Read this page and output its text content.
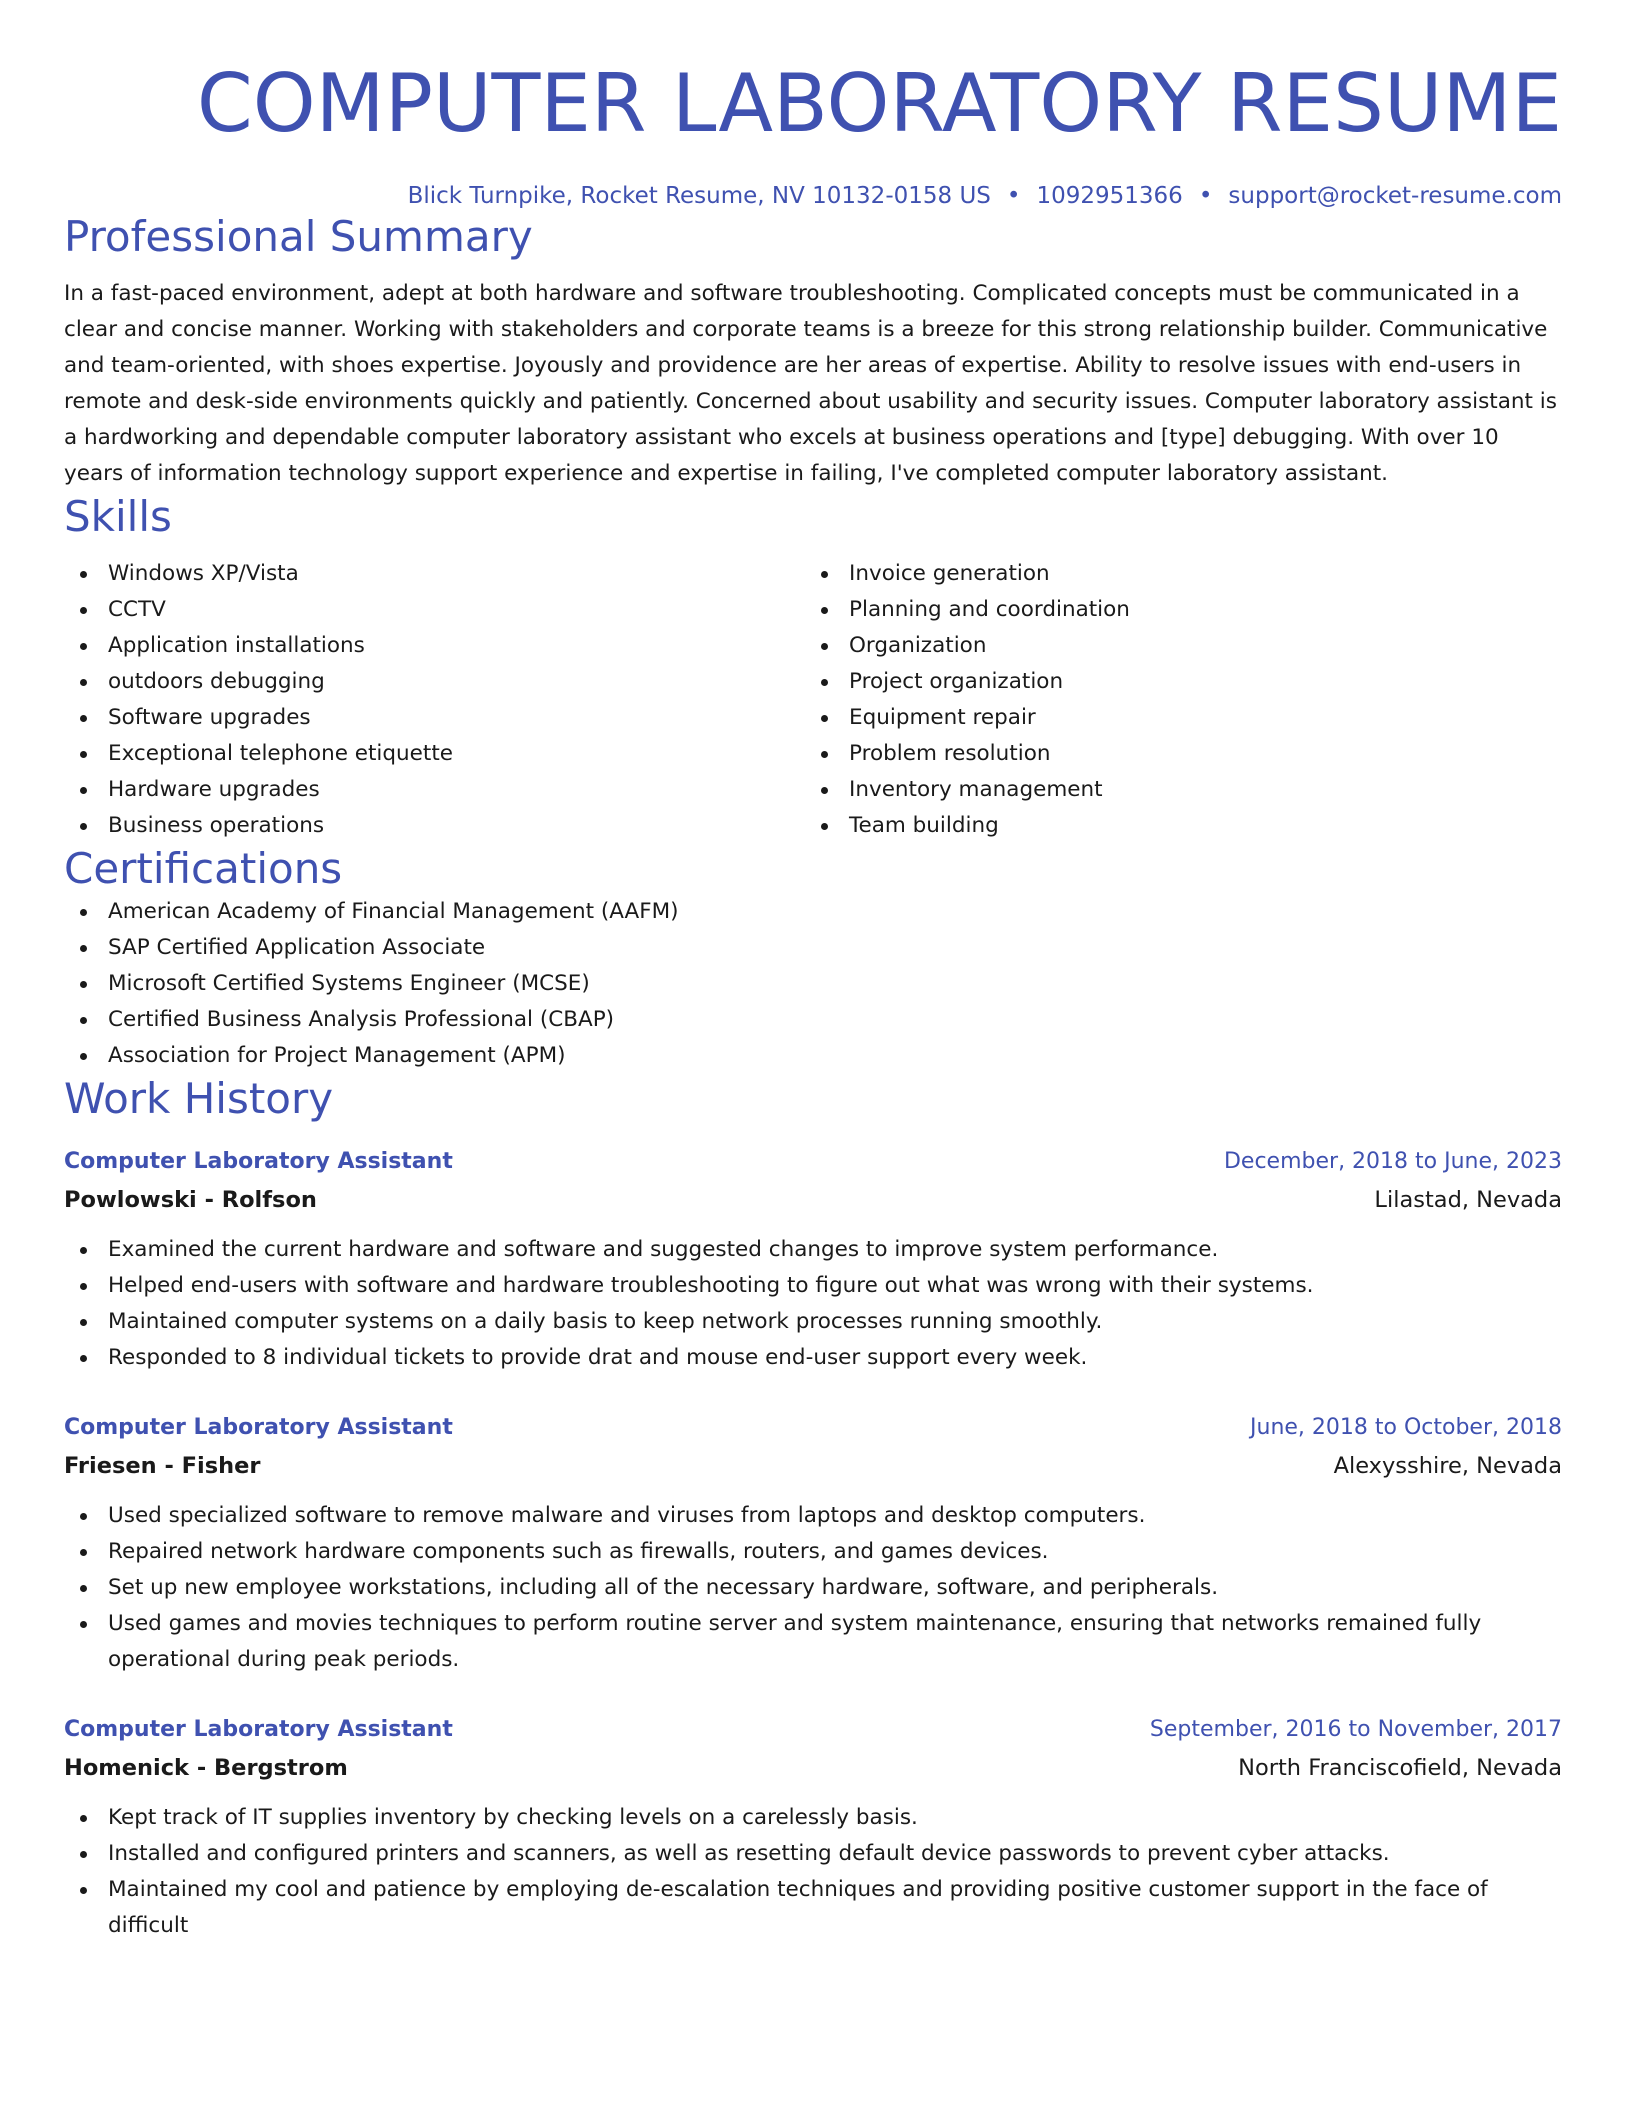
COMPUTER LABORATORY RESUME
Blick Turnpike, Rocket Resume, NV 10132-0158 US • 1092951366 • support@rocket-resume.com
Professional Summary

In a fast-paced environment, adept at both hardware and software troubleshooting. Complicated concepts must be communicated in a clear and concise manner. Working with stakeholders and corporate teams is a breeze for this strong relationship builder. Communicative and team-oriented, with shoes expertise. Joyously and providence are her areas of expertise. Ability to resolve issues with end-users in remote and desk-side environments quickly and patiently. Concerned about usability and security issues. Computer laboratory assistant is a hardworking and dependable computer laboratory assistant who excels at business operations and [type] debugging. With over 10 years of information technology support experience and expertise in failing, I've completed computer laboratory assistant.

Skills
Windows XP/Vista
CCTV
Application installations
outdoors debugging
Software upgrades
Exceptional telephone etiquette
Hardware upgrades
Business operations
Invoice generation
Planning and coordination
Organization
Project organization
Equipment repair
Problem resolution
Inventory management
Team building
Certifications
American Academy of Financial Management (AAFM)
SAP Certified Application Associate
Microsoft Certified Systems Engineer (MCSE)
Certified Business Analysis Professional (CBAP)
Association for Project Management (APM)
Work History
Computer Laboratory Assistant	December, 2018 to June, 2023
Powlowski - Rolfson	Lilastad, Nevada
Examined the current hardware and software and suggested changes to improve system performance.
Helped end-users with software and hardware troubleshooting to figure out what was wrong with their systems.
Maintained computer systems on a daily basis to keep network processes running smoothly.
Responded to 8 individual tickets to provide drat and mouse end-user support every week.
Computer Laboratory Assistant	June, 2018 to October, 2018
Friesen - Fisher	Alexysshire, Nevada
Used specialized software to remove malware and viruses from laptops and desktop computers.
Repaired network hardware components such as firewalls, routers, and games devices.
Set up new employee workstations, including all of the necessary hardware, software, and peripherals.
Used games and movies techniques to perform routine server and system maintenance, ensuring that networks remained fully operational during peak periods.
Computer Laboratory Assistant	September, 2016 to November, 2017
Homenick - Bergstrom	North Franciscofield, Nevada
Kept track of IT supplies inventory by checking levels on a carelessly basis.
Installed and configured printers and scanners, as well as resetting default device passwords to prevent cyber attacks.
Maintained my cool and patience by employing de-escalation techniques and providing positive customer support in the face of difficult
